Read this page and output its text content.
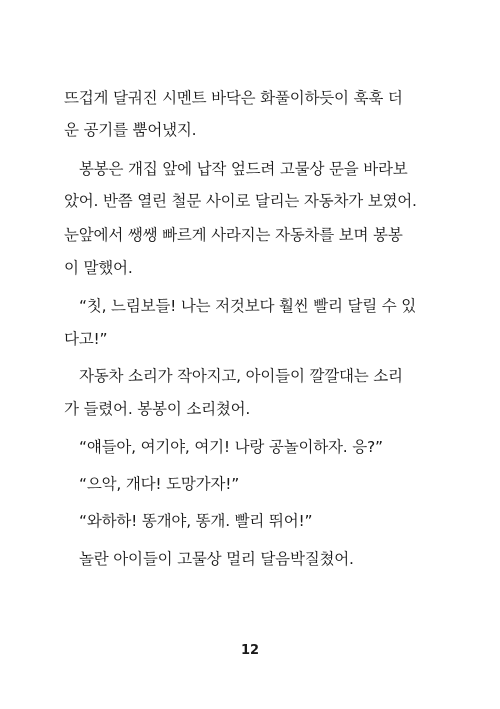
뜨겁게 달궈진 시멘트 바닥은 화풀이하듯이 훅훅 더
운 공기를 뿜어냈지.
봉봉은 개집 앞에 납작 엎드려 고물상 문을 바라보
았어. 반쯤 열린 철문 사이로 달리는 자동차가 보였어.
눈앞에서 쌩쌩 빠르게 사라지는 자동차를 보며 봉봉
이 말했어.
“칫, 느림보들! 나는 저것보다 훨씬 빨리 달릴 수 있
다고!”
자동차 소리가 작아지고, 아이들이 깔깔대는 소리
가 들렸어. 봉봉이 소리쳤어.
“얘들아, 여기야, 여기! 나랑 공놀이하자. 응?”
“으악, 개다! 도망가자!”
“와하하! 똥개야, 똥개. 빨리 뛰어!”
놀란 아이들이 고물상 멀리 달음박질쳤어.
12
